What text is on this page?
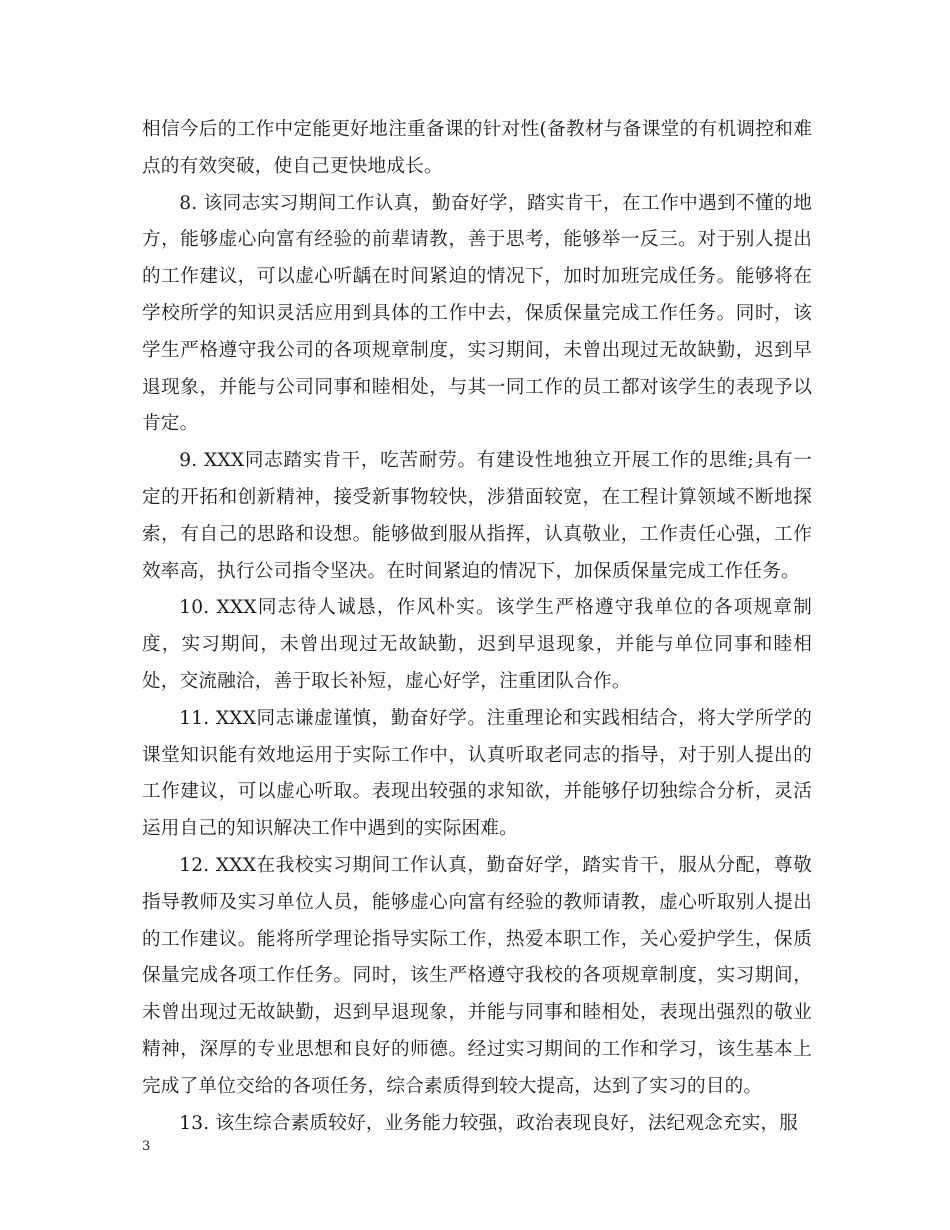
相信今后的工作中定能更好地注重备课的针对性(备教材与备课堂的有机调控和难点的有效突破，使自己更快地成长。

8. 该同志实习期间工作认真，勤奋好学，踏实肯干，在工作中遇到不懂的地方，能够虚心向富有经验的前辈请教，善于思考，能够举一反三。对于别人提出的工作建议，可以虚心听龋在时间紧迫的情况下，加时加班完成任务。能够将在学校所学的知识灵活应用到具体的工作中去，保质保量完成工作任务。同时，该学生严格遵守我公司的各项规章制度，实习期间，未曾出现过无故缺勤，迟到早退现象，并能与公司同事和睦相处，与其一同工作的员工都对该学生的表现予以肯定。

9. XXX同志踏实肯干，吃苦耐劳。有建设性地独立开展工作的思维;具有一定的开拓和创新精神，接受新事物较快，涉猎面较宽，在工程计算领域不断地探索，有自己的思路和设想。能够做到服从指挥，认真敬业，工作责任心强，工作效率高，执行公司指令坚决。在时间紧迫的情况下，加保质保量完成工作任务。

10. XXX同志待人诚恳，作风朴实。该学生严格遵守我单位的各项规章制度，实习期间，未曾出现过无故缺勤，迟到早退现象，并能与单位同事和睦相处，交流融洽，善于取长补短，虚心好学，注重团队合作。

11. XXX同志谦虚谨慎，勤奋好学。注重理论和实践相结合，将大学所学的课堂知识能有效地运用于实际工作中，认真听取老同志的指导，对于别人提出的工作建议，可以虚心听取。表现出较强的求知欲，并能够仔切独综合分析，灵活运用自己的知识解决工作中遇到的实际困难。

12. XXX在我校实习期间工作认真，勤奋好学，踏实肯干，服从分配，尊敬指导教师及实习单位人员，能够虚心向富有经验的教师请教，虚心听取别人提出的工作建议。能将所学理论指导实际工作，热爱本职工作，关心爱护学生，保质保量完成各项工作任务。同时，该生严格遵守我校的各项规章制度，实习期间，未曾出现过无故缺勤，迟到早退现象，并能与同事和睦相处，表现出强烈的敬业精神，深厚的专业思想和良好的师德。经过实习期间的工作和学习，该生基本上完成了单位交给的各项任务，综合素质得到较大提高，达到了实习的目的。

13. 该生综合素质较好，业务能力较强，政治表现良好，法纪观念充实，服

3
